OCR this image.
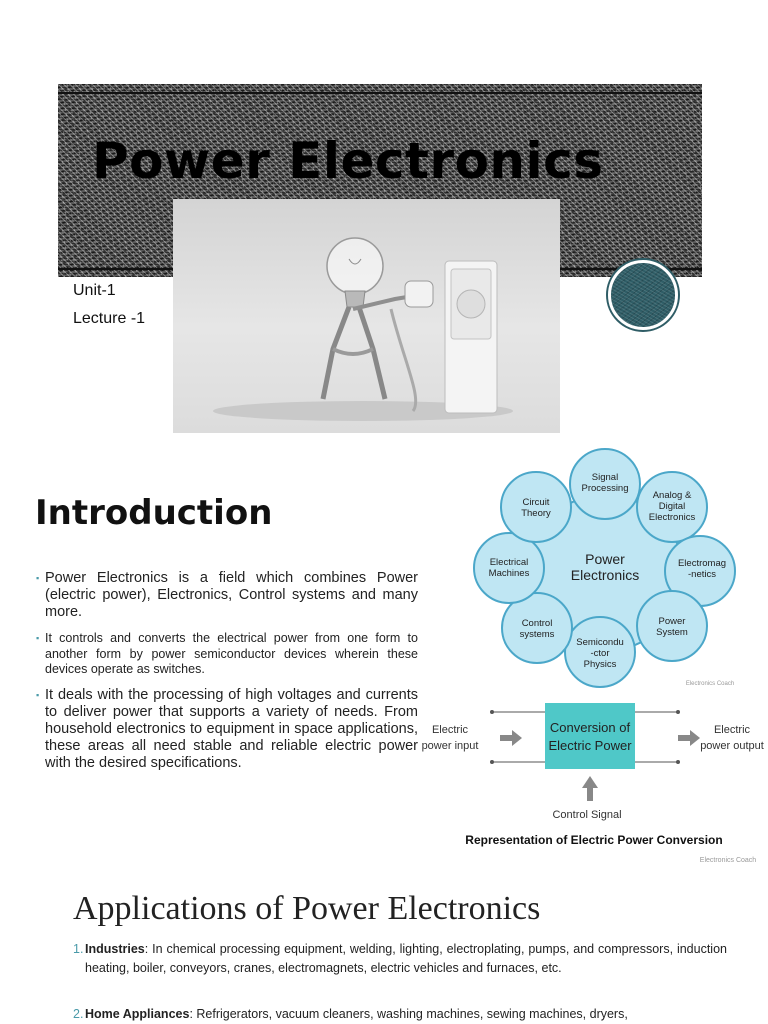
Power Electronics
Unit-1
Lecture -1
Introduction
▪ Power Electronics is a field which combines Power (electric power), Electronics, Control systems and many more.
▪ It controls and converts the electrical power from one form to another form by power semiconductor devices wherein these devices operate as switches.
▪ It deals with the processing of high voltages and currents to deliver power that supports a variety of needs. From household electronics to equipment in space applications, these areas all need stable and reliable electric power with the desired specifications.
Signal
Processing
Analog &
Digital
Electronics
Electromag
-netics
Power
System
Semicondu
-ctor
Physics
Control
systems
Electrical
Machines
Circuit
Theory
Power
Electronics
Electronics Coach
Conversion of
Electric Power
Electric
power input
Electric
power output
Control Signal
Representation of Electric Power Conversion
Electronics Coach
Applications of Power Electronics
1. Industries: In chemical processing equipment, welding, lighting, electroplating, pumps, and compressors, induction heating, boiler, conveyors, cranes, electromagnets, electric vehicles and furnaces, etc.
2. Home Appliances: Refrigerators, vacuum cleaners, washing machines, sewing machines, dryers,
